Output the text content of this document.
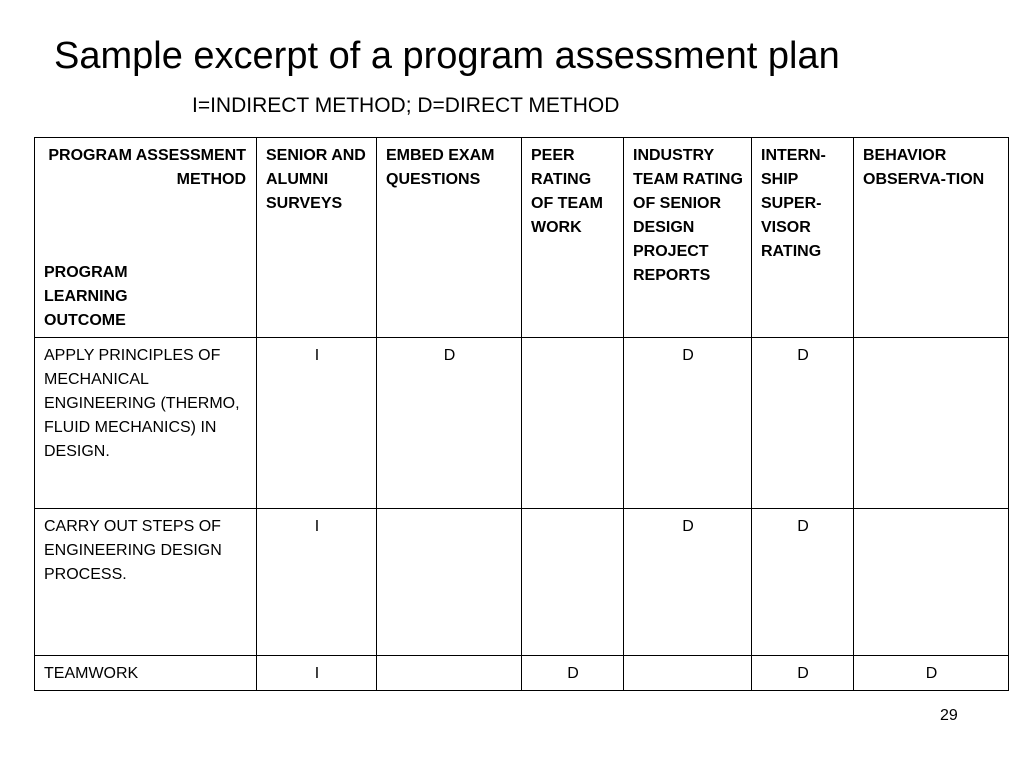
Sample excerpt of a program assessment plan
I=INDIRECT METHOD; D=DIRECT METHOD
PROGRAM ASSESSMENT METHOD
PROGRAM LEARNING OUTCOME	SENIOR AND ALUMNI SURVEYS	EMBED EXAM QUESTIONS	PEER RATING OF TEAM WORK	INDUSTRY TEAM RATING OF SENIOR DESIGN PROJECT REPORTS	INTERN-SHIP SUPER-VISOR RATING	BEHAVIOR OBSERVA-TION
APPLY PRINCIPLES OF MECHANICAL ENGINEERING (THERMO, FLUID MECHANICS) IN DESIGN.	I	D		D	D	
CARRY OUT STEPS OF ENGINEERING DESIGN PROCESS.	I			D	D	
TEAMWORK	I		D		D	D
29
